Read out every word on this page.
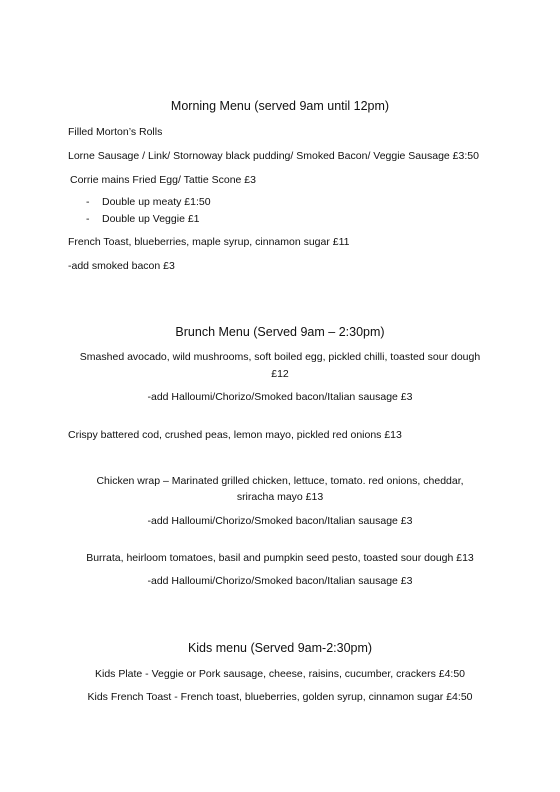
Morning Menu (served 9am until 12pm)
Filled Morton’s Rolls
Lorne Sausage / Link/ Stornoway black pudding/ Smoked Bacon/ Veggie Sausage £3:50
Corrie mains Fried Egg/ Tattie Scone £3
- Double up meaty £1:50
- Double up Veggie £1
French Toast, blueberries, maple syrup, cinnamon sugar £11
-add smoked bacon £3
Brunch Menu (Served 9am – 2:30pm)
Smashed avocado, wild mushrooms, soft boiled egg, pickled chilli, toasted sour dough
£12
-add Halloumi/Chorizo/Smoked bacon/Italian sausage £3
Crispy battered cod, crushed peas, lemon mayo, pickled red onions £13
Chicken wrap – Marinated grilled chicken, lettuce, tomato. red onions, cheddar,
sriracha mayo £13
-add Halloumi/Chorizo/Smoked bacon/Italian sausage £3
Burrata, heirloom tomatoes, basil and pumpkin seed pesto, toasted sour dough £13
-add Halloumi/Chorizo/Smoked bacon/Italian sausage £3
Kids menu (Served 9am-2:30pm)
Kids Plate - Veggie or Pork sausage, cheese, raisins, cucumber, crackers £4:50
Kids French Toast - French toast, blueberries, golden syrup, cinnamon sugar £4:50
